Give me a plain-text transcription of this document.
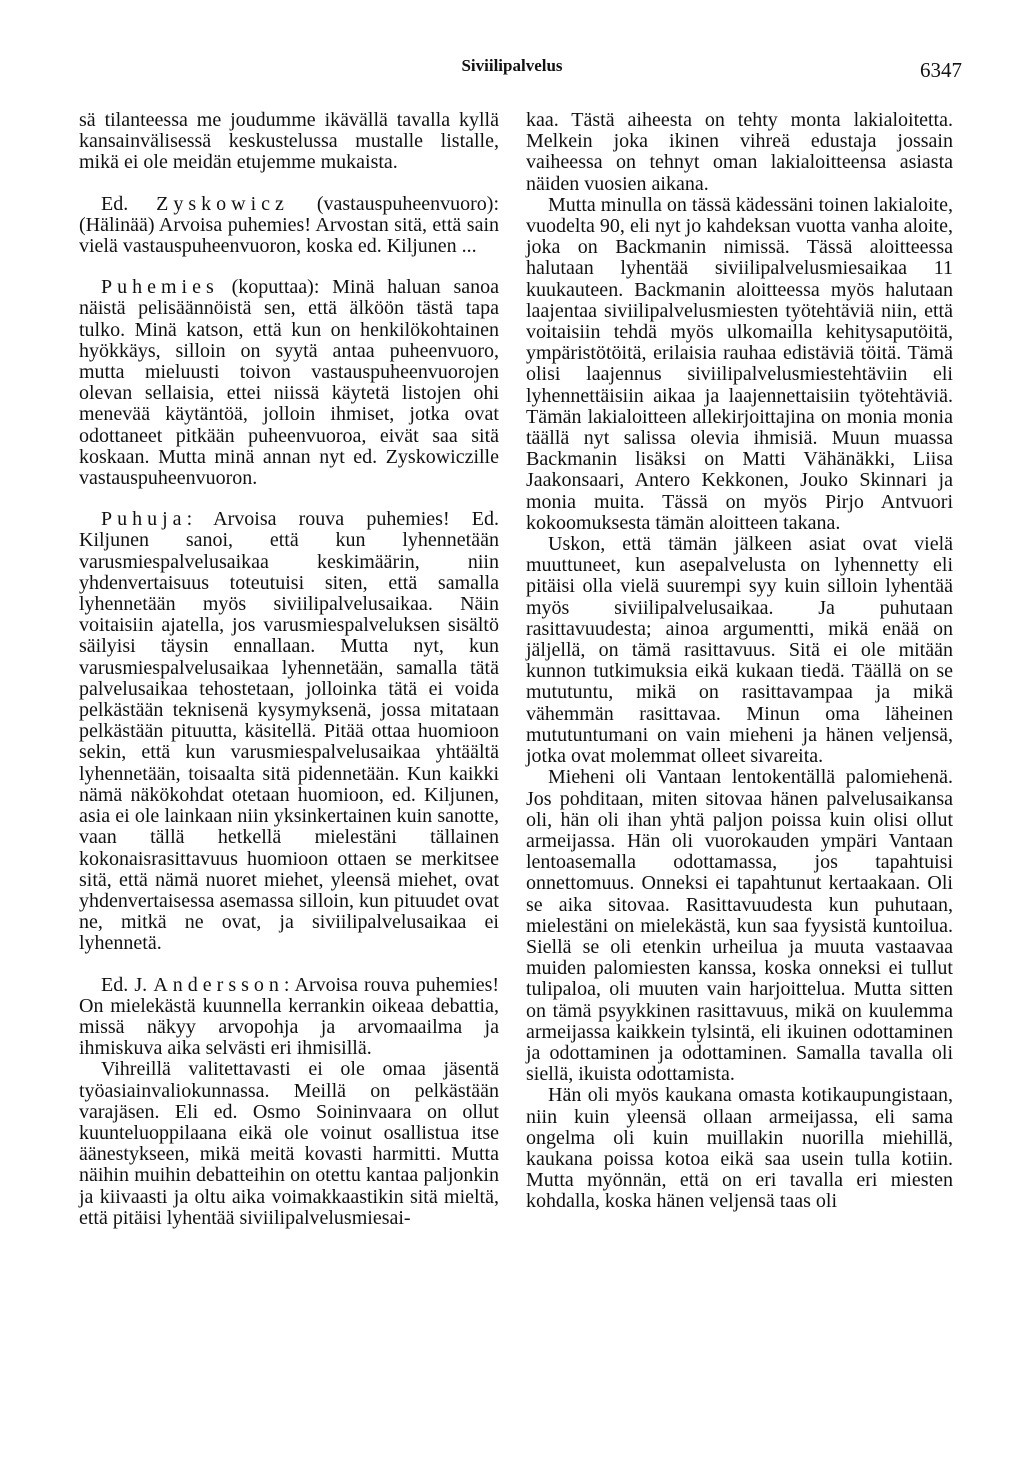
Siviilipalvelus	6347

sä tilanteessa me joudumme ikävällä tavalla kyllä kansainvälisessä keskustelussa mustalle listalle, mikä ei ole meidän etujemme mukaista.

Ed. Zyskowicz (vastauspuheenvuoro): (Hälinää) Arvoisa puhemies! Arvostan sitä, että sain vielä vastauspuheenvuoron, koska ed. Kiljunen ...

Puhemies (koputtaa): Minä haluan sanoa näistä pelisäännöistä sen, että älköön tästä tapa tulko. Minä katson, että kun on henkilökohtainen hyökkäys, silloin on syytä antaa puheenvuoro, mutta mieluusti toivon vastauspuheenvuorojen olevan sellaisia, ettei niissä käytetä listojen ohi menevää käytäntöä, jolloin ihmiset, jotka ovat odottaneet pitkään puheenvuoroa, eivät saa sitä koskaan. Mutta minä annan nyt ed. Zyskowiczille vastauspuheenvuoron.

Puhuja: Arvoisa rouva puhemies! Ed. Kiljunen sanoi, että kun lyhennetään varusmiespalvelusaikaa keskimäärin, niin yhdenvertaisuus toteutuisi siten, että samalla lyhennetään myös siviilipalvelusaikaa. Näin voitaisiin ajatella, jos varusmiespalveluksen sisältö säilyisi täysin ennallaan. Mutta nyt, kun varusmiespalvelusaikaa lyhennetään, samalla tätä palvelusaikaa tehostetaan, jolloinka tätä ei voida pelkästään teknisenä kysymyksenä, jossa mitataan pelkästään pituutta, käsitellä. Pitää ottaa huomioon sekin, että kun varusmiespalvelusaikaa yhtäältä lyhennetään, toisaalta sitä pidennetään. Kun kaikki nämä näkökohdat otetaan huomioon, ed. Kiljunen, asia ei ole lainkaan niin yksinkertainen kuin sanotte, vaan tällä hetkellä mielestäni tällainen kokonaisrasittavuus huomioon ottaen se merkitsee sitä, että nämä nuoret miehet, yleensä miehet, ovat yhdenvertaisessa asemassa silloin, kun pituudet ovat ne, mitkä ne ovat, ja siviilipalvelusaikaa ei lyhennetä.

Ed. J. Andersson: Arvoisa rouva puhemies! On mielekästä kuunnella kerrankin oikeaa debattia, missä näkyy arvopohja ja arvomaailma ja ihmiskuva aika selvästi eri ihmisillä.

Vihreillä valitettavasti ei ole omaa jäsentä työasiainvaliokunnassa. Meillä on pelkästään varajäsen. Eli ed. Osmo Soininvaara on ollut kuunteluoppilaana eikä ole voinut osallistua itse äänestykseen, mikä meitä kovasti harmitti. Mutta näihin muihin debatteihin on otettu kantaa paljonkin ja kiivaasti ja oltu aika voimakkaastikin sitä mieltä, että pitäisi lyhentää siviilipalvelusmiesai-

kaa. Tästä aiheesta on tehty monta lakialoitetta. Melkein joka ikinen vihreä edustaja jossain vaiheessa on tehnyt oman lakialoitteensa asiasta näiden vuosien aikana.

Mutta minulla on tässä kädessäni toinen lakialoite, vuodelta 90, eli nyt jo kahdeksan vuotta vanha aloite, joka on Backmanin nimissä. Tässä aloitteessa halutaan lyhentää siviilipalvelusmiesaikaa 11 kuukauteen. Backmanin aloitteessa myös halutaan laajentaa siviilipalvelusmiesten työtehtäviä niin, että voitaisiin tehdä myös ulkomailla kehitysaputöitä, ympäristötöitä, erilaisia rauhaa edistäviä töitä. Tämä olisi laajennus siviilipalvelusmiestehtäviin eli lyhennettäisiin aikaa ja laajennettaisiin työtehtäviä. Tämän lakialoitteen allekirjoittajina on monia monia täällä nyt salissa olevia ihmisiä. Muun muassa Backmanin lisäksi on Matti Vähänäkki, Liisa Jaakonsaari, Antero Kekkonen, Jouko Skinnari ja monia muita. Tässä on myös Pirjo Antvuori kokoomuksesta tämän aloitteen takana.

Uskon, että tämän jälkeen asiat ovat vielä muuttuneet, kun asepalvelusta on lyhennetty eli pitäisi olla vielä suurempi syy kuin silloin lyhentää myös siviilipalvelusaikaa. Ja puhutaan rasittavuudesta; ainoa argumentti, mikä enää on jäljellä, on tämä rasittavuus. Sitä ei ole mitään kunnon tutkimuksia eikä kukaan tiedä. Täällä on se mututuntu, mikä on rasittavampaa ja mikä vähemmän rasittavaa. Minun oma läheinen mututuntumani on vain mieheni ja hänen veljensä, jotka ovat molemmat olleet sivareita.

Mieheni oli Vantaan lentokentällä palomiehenä. Jos pohditaan, miten sitovaa hänen palvelusaikansa oli, hän oli ihan yhtä paljon poissa kuin olisi ollut armeijassa. Hän oli vuorokauden ympäri Vantaan lentoasemalla odottamassa, jos tapahtuisi onnettomuus. Onneksi ei tapahtunut kertaakaan. Oli se aika sitovaa. Rasittavuudesta kun puhutaan, mielestäni on mielekästä, kun saa fyysistä kuntoilua. Siellä se oli etenkin urheilua ja muuta vastaavaa muiden palomiesten kanssa, koska onneksi ei tullut tulipaloa, oli muuten vain harjoittelua. Mutta sitten on tämä psyykkinen rasittavuus, mikä on kuulemma armeijassa kaikkein tylsintä, eli ikuinen odottaminen ja odottaminen ja odottaminen. Samalla tavalla oli siellä, ikuista odottamista.

Hän oli myös kaukana omasta kotikaupungistaan, niin kuin yleensä ollaan armeijassa, eli sama ongelma oli kuin muillakin nuorilla miehillä, kaukana poissa kotoa eikä saa usein tulla kotiin. Mutta myönnän, että on eri tavalla eri miesten kohdalla, koska hänen veljensä taas oli
